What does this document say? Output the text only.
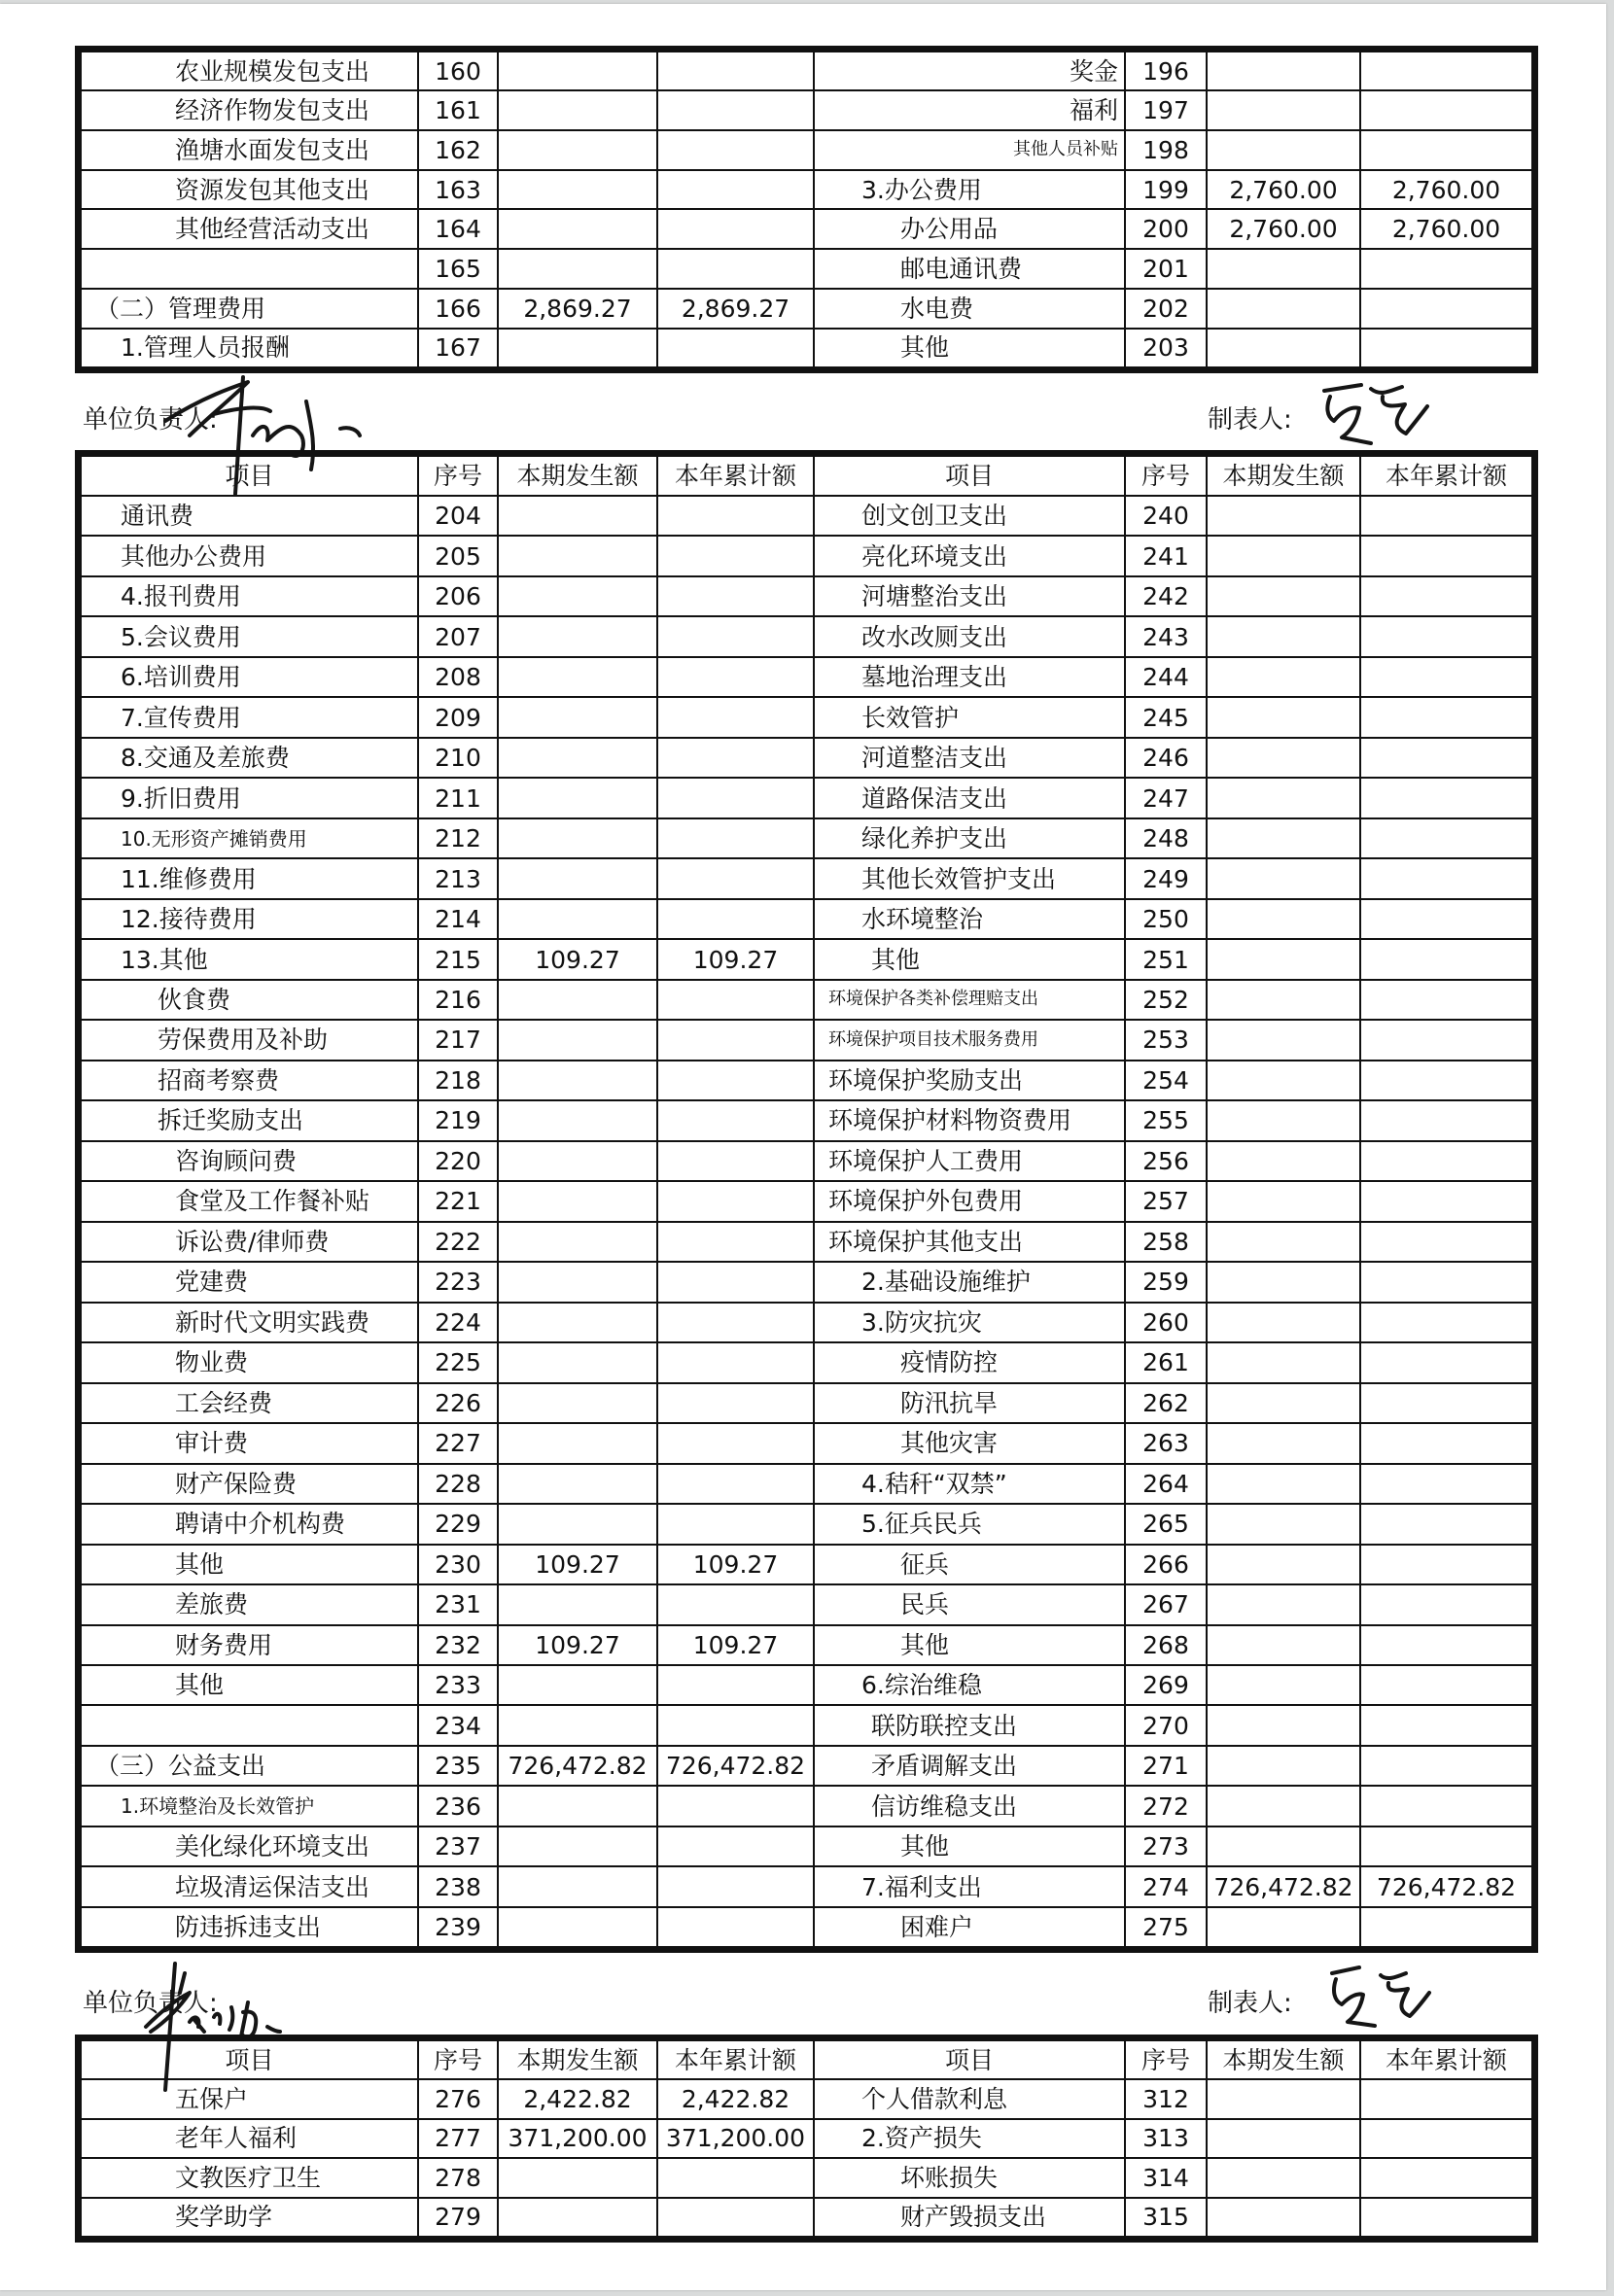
农业规模发包支出	160			奖金	196		
经济作物发包支出	161			福利	197		
渔塘水面发包支出	162			其他人员补贴	198		
资源发包其他支出	163			3.办公费用	199	2,760.00	2,760.00
其他经营活动支出	164			办公用品	200	2,760.00	2,760.00
	165			邮电通讯费	201		
（二）管理费用	166	2,869.27	2,869.27	水电费	202		
1.管理人员报酬	167			其他	203		
单位负责人:	制表人:
项目	序号	本期发生额	本年累计额	项目	序号	本期发生额	本年累计额
通讯费	204			创文创卫支出	240		
其他办公费用	205			亮化环境支出	241		
4.报刊费用	206			河塘整治支出	242		
5.会议费用	207			改水改厕支出	243		
6.培训费用	208			墓地治理支出	244		
7.宣传费用	209			长效管护	245		
8.交通及差旅费	210			河道整洁支出	246		
9.折旧费用	211			道路保洁支出	247		
10.无形资产摊销费用	212			绿化养护支出	248		
11.维修费用	213			其他长效管护支出	249		
12.接待费用	214			水环境整治	250		
13.其他	215	109.27	109.27	其他	251		
伙食费	216			环境保护各类补偿理赔支出	252		
劳保费用及补助	217			环境保护项目技术服务费用	253		
招商考察费	218			环境保护奖励支出	254		
拆迁奖励支出	219			环境保护材料物资费用	255		
咨询顾问费	220			环境保护人工费用	256		
食堂及工作餐补贴	221			环境保护外包费用	257		
诉讼费/律师费	222			环境保护其他支出	258		
党建费	223			2.基础设施维护	259		
新时代文明实践费	224			3.防灾抗灾	260		
物业费	225			疫情防控	261		
工会经费	226			防汛抗旱	262		
审计费	227			其他灾害	263		
财产保险费	228			4.秸秆“双禁”	264		
聘请中介机构费	229			5.征兵民兵	265		
其他	230	109.27	109.27	征兵	266		
差旅费	231			民兵	267		
财务费用	232	109.27	109.27	其他	268		
其他	233			6.综治维稳	269		
	234			联防联控支出	270		
（三）公益支出	235	726,472.82	726,472.82	矛盾调解支出	271		
1.环境整治及长效管护	236			信访维稳支出	272		
美化绿化环境支出	237			其他	273		
垃圾清运保洁支出	238			7.福利支出	274	726,472.82	726,472.82
防违拆违支出	239			困难户	275		
单位负责人:	制表人:
项目	序号	本期发生额	本年累计额	项目	序号	本期发生额	本年累计额
五保户	276	2,422.82	2,422.82	个人借款利息	312		
老年人福利	277	371,200.00	371,200.00	2.资产损失	313		
文教医疗卫生	278			坏账损失	314		
奖学助学	279			财产毁损支出	315		
